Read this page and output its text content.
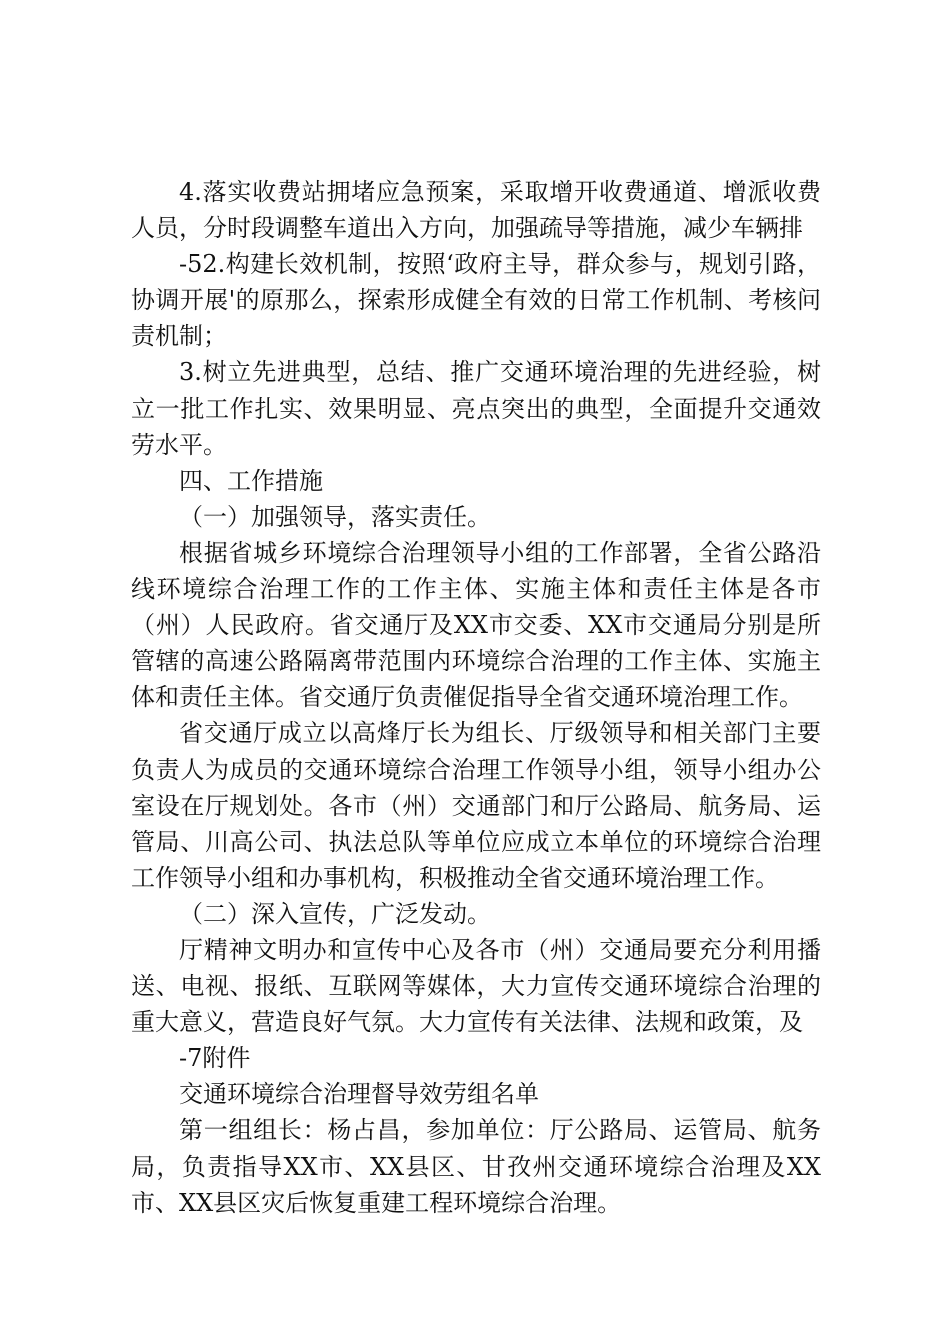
4.落实收费站拥堵应急预案，采取增开收费通道、增派收费人员，分时段调整车道出入方向，加强疏导等措施，减少车辆排

-52.构建长效机制，按照‘政府主导，群众参与，规划引路，协调开展'的原那么，探索形成健全有效的日常工作机制、考核问责机制；

3.树立先进典型，总结、推广交通环境治理的先进经验，树立一批工作扎实、效果明显、亮点突出的典型，全面提升交通效劳水平。

四、工作措施

（一）加强领导，落实责任。

根据省城乡环境综合治理领导小组的工作部署，全省公路沿线环境综合治理工作的工作主体、实施主体和责任主体是各市（州）人民政府。省交通厅及XX市交委、XX市交通局分别是所管辖的高速公路隔离带范围内环境综合治理的工作主体、实施主体和责任主体。省交通厅负责催促指导全省交通环境治理工作。

省交通厅成立以高烽厅长为组长、厅级领导和相关部门主要负责人为成员的交通环境综合治理工作领导小组，领导小组办公室设在厅规划处。各市（州）交通部门和厅公路局、航务局、运管局、川高公司、执法总队等单位应成立本单位的环境综合治理工作领导小组和办事机构，积极推动全省交通环境治理工作。

（二）深入宣传，广泛发动。

厅精神文明办和宣传中心及各市（州）交通局要充分利用播送、电视、报纸、互联网等媒体，大力宣传交通环境综合治理的重大意义，营造良好气氛。大力宣传有关法律、法规和政策，及

-7附件

交通环境综合治理督导效劳组名单

第一组组长：杨占昌，参加单位：厅公路局、运管局、航务局，负责指导XX市、XX县区、甘孜州交通环境综合治理及XX市、XX县区灾后恢复重建工程环境综合治理。
